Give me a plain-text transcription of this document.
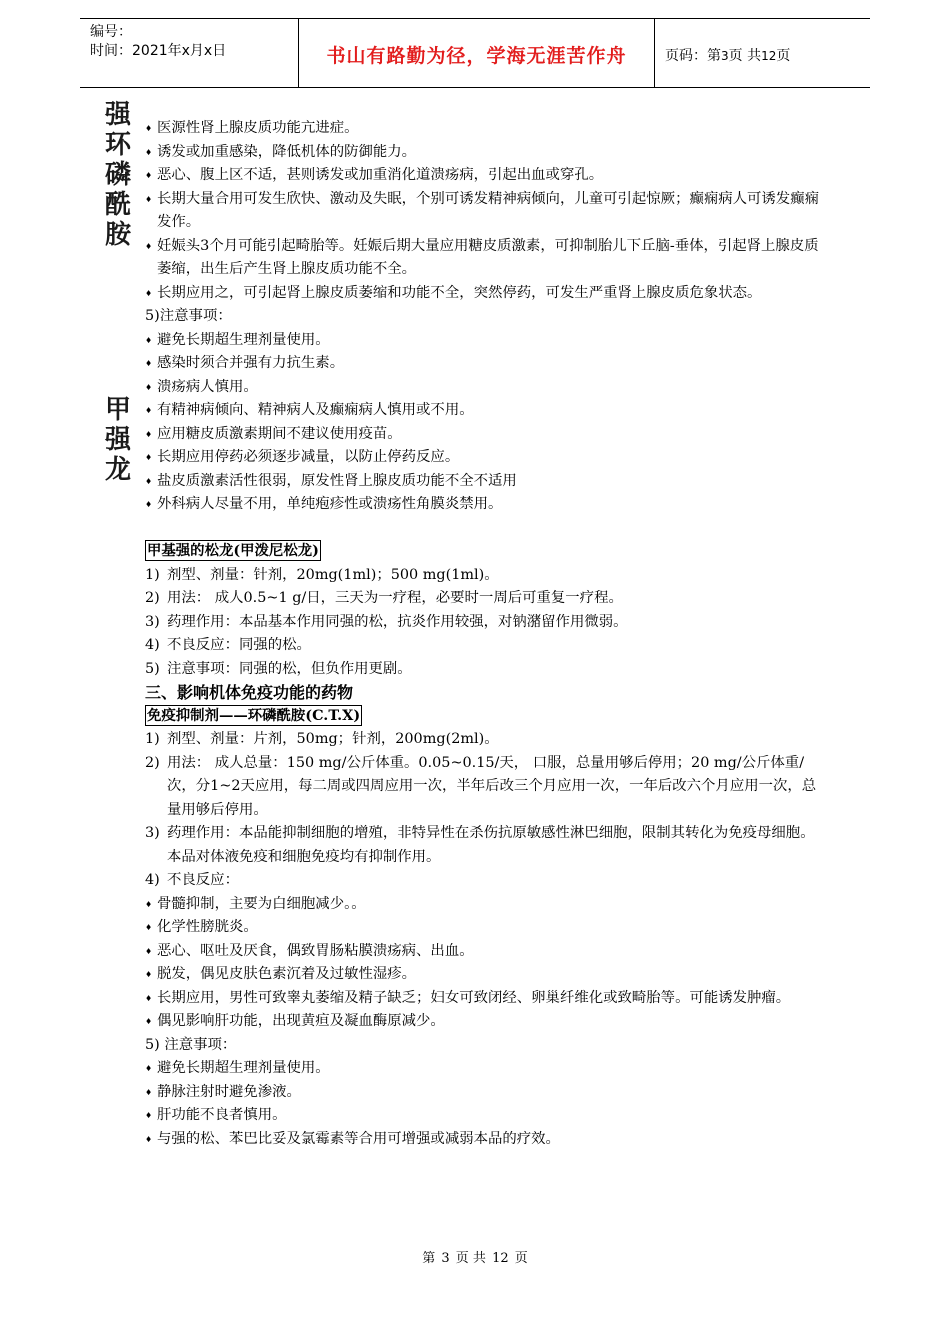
编号：
时间：2021年x月x日	书山有路勤为径，学海无涯苦作舟	页码：第3页 共12页
强
环
磷
酰
胺
甲
强
龙

♦ 医源性肾上腺皮质功能亢进症。

♦ 诱发或加重感染，降低机体的防御能力。

♦ 恶心、腹上区不适，甚则诱发或加重消化道溃疡病，引起出血或穿孔。

♦ 长期大量合用可发生欣快、激动及失眠，个别可诱发精神病倾向，儿童可引起惊厥；癫痫病人可诱发癫痫发作。

♦ 妊娠头3个月可能引起畸胎等。妊娠后期大量应用糖皮质激素，可抑制胎儿下丘脑-垂体，引起肾上腺皮质萎缩，出生后产生肾上腺皮质功能不全。

♦ 长期应用之，可引起肾上腺皮质萎缩和功能不全，突然停药，可发生严重肾上腺皮质危象状态。

5)注意事项：

♦ 避免长期超生理剂量使用。

♦ 感染时须合并强有力抗生素。

♦ 溃疡病人慎用。

♦ 有精神病倾向、精神病人及癫痫病人慎用或不用。

♦ 应用糖皮质激素期间不建议使用疫苗。

♦ 长期应用停药必须逐步减量，以防止停药反应。

♦ 盐皮质激素活性很弱，原发性肾上腺皮质功能不全不适用

♦ 外科病人尽量不用，单纯疱疹性或溃疡性角膜炎禁用。

甲基强的松龙(甲泼尼松龙)

1) 剂型、剂量：针剂，20mg(1ml)；500 mg(1ml)。

2) 用法： 成人0.5~1 g/日，三天为一疗程，必要时一周后可重复一疗程。

3) 药理作用：本品基本作用同强的松，抗炎作用较强，对钠潴留作用微弱。

4) 不良反应：同强的松。

5) 注意事项：同强的松，但负作用更剧。

三、影响机体免疫功能的药物

免疫抑制剂——环磷酰胺(C.T.X)

1) 剂型、剂量：片剂，50mg；针剂，200mg(2ml)。

2) 用法： 成人总量：150 mg/公斤体重。0.05~0.15/天， 口服，总量用够后停用；20 mg/公斤体重/次，分1~2天应用，每二周或四周应用一次，半年后改三个月应用一次，一年后改六个月应用一次，总量用够后停用。

3) 药理作用：本品能抑制细胞的增殖，非特异性在杀伤抗原敏感性淋巴细胞，限制其转化为免疫母细胞。本品对体液免疫和细胞免疫均有抑制作用。

4) 不良反应：

♦ 骨髓抑制，主要为白细胞减少。。

♦ 化学性膀胱炎。

♦ 恶心、呕吐及厌食，偶致胃肠粘膜溃疡病、出血。

♦ 脱发，偶见皮肤色素沉着及过敏性湿疹。

♦ 长期应用，男性可致睾丸萎缩及精子缺乏；妇女可致闭经、卵巢纤维化或致畸胎等。可能诱发肿瘤。

♦ 偶见影响肝功能，出现黄疸及凝血酶原减少。

5) 注意事项：

♦ 避免长期超生理剂量使用。

♦ 静脉注射时避免渗液。

♦ 肝功能不良者慎用。

♦ 与强的松、苯巴比妥及氯霉素等合用可增强或减弱本品的疗效。

第 3 页 共 12 页
